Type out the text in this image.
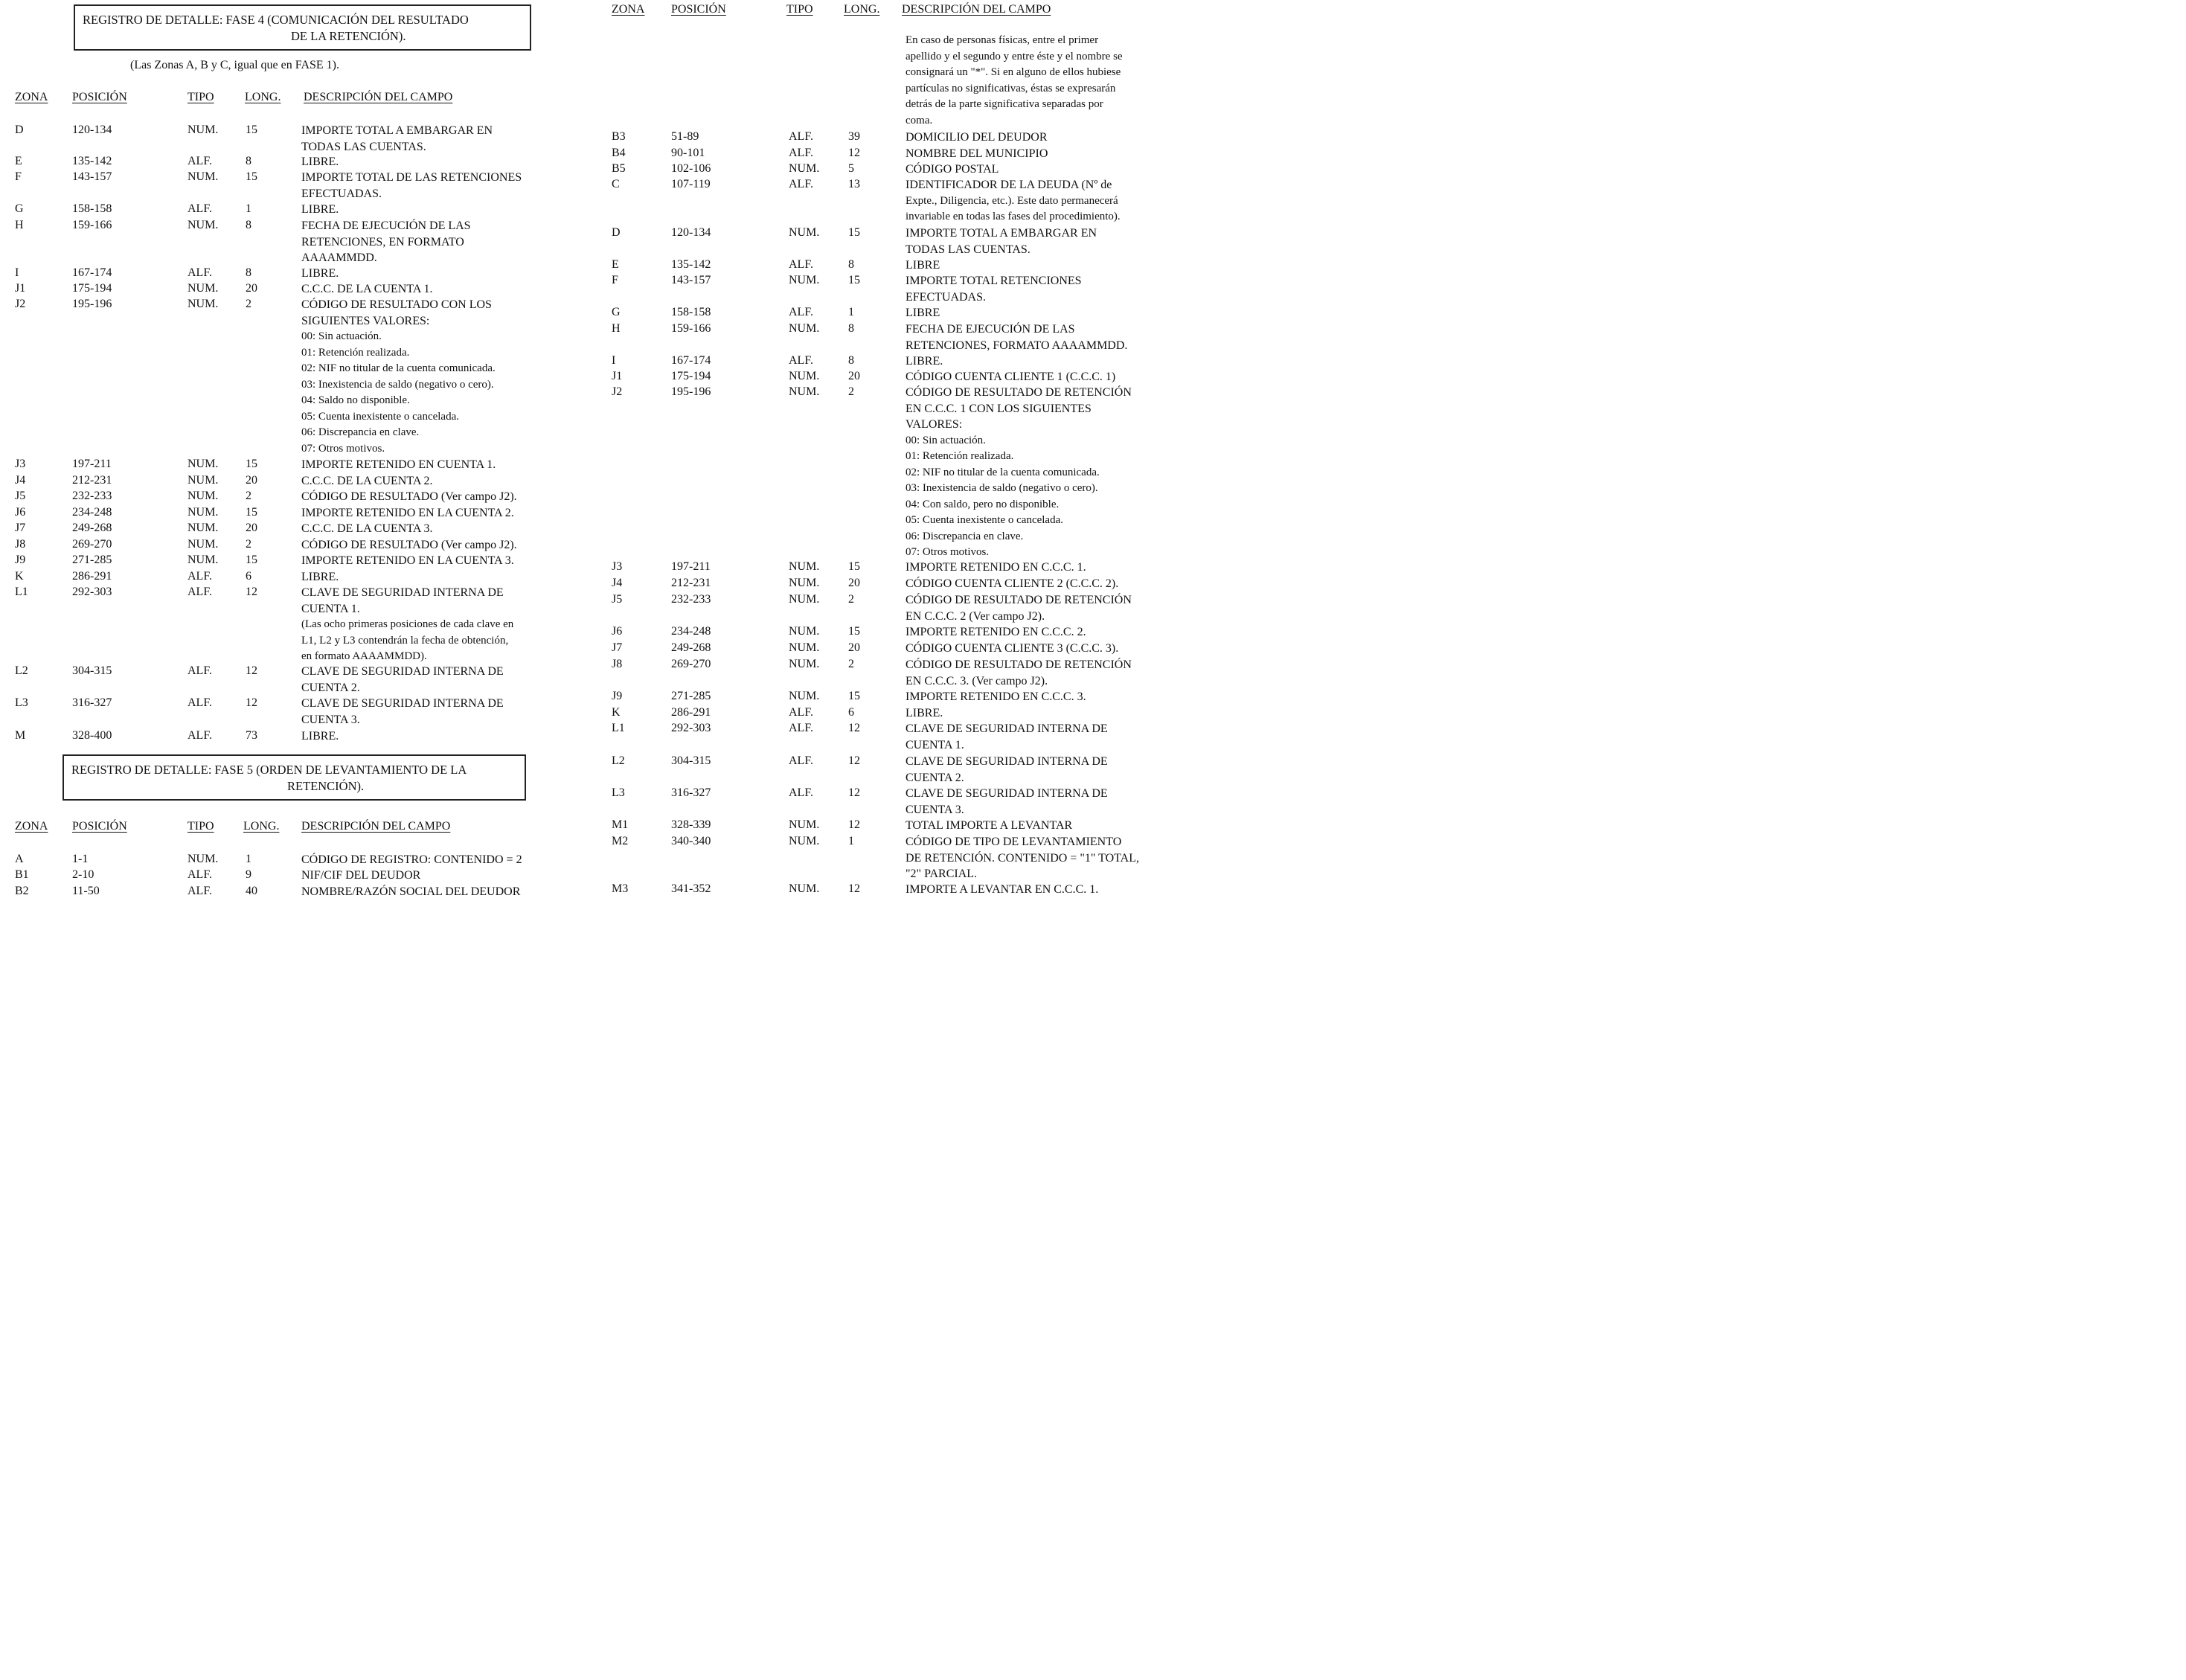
REGISTRO DE DETALLE: FASE 4 (COMUNICACIÓN DEL RESULTADO
DE LA RETENCIÓN).
(Las Zonas A, B y C, igual que en FASE 1).
ZONA POSICIÓN	TIPO	LONG. DESCRIPCIÓN DEL CAMPO
D	120-134	NUM. 15	IMPORTE TOTAL A EMBARGAR EN
TODAS LAS CUENTAS.
E	135-142	ALF.	8	LIBRE.
F	143-157	NUM. 15	IMPORTE TOTAL DE LAS RETENCIONES
EFECTUADAS.
G	158-158	ALF.	1	LIBRE.
H	159-166	NUM. 8	FECHA DE EJECUCIÓN DE LAS
RETENCIONES, EN FORMATO
AAAAMMDD.
I	167-174	ALF.	8	LIBRE.
J1	175-194	NUM. 20	C.C.C. DE LA CUENTA 1.
J2	195-196	NUM. 2	CÓDIGO DE RESULTADO CON LOS
SIGUIENTES VALORES:
00: Sin actuación.
01: Retención realizada.
02: NIF no titular de la cuenta comunicada.
03: Inexistencia de saldo (negativo o cero).
04: Saldo no disponible.
05: Cuenta inexistente o cancelada.
06: Discrepancia en clave.
07: Otros motivos.
J3	197-211	NUM. 15	IMPORTE RETENIDO EN CUENTA 1.
J4	212-231	NUM. 20	C.C.C. DE LA CUENTA 2.
J5	232-233	NUM. 2	CÓDIGO DE RESULTADO (Ver campo J2).
J6	234-248	NUM. 15	IMPORTE RETENIDO EN LA CUENTA 2.
J7	249-268	NUM. 20	C.C.C. DE LA CUENTA 3.
J8	269-270	NUM. 2	CÓDIGO DE RESULTADO (Ver campo J2).
J9	271-285	NUM. 15	IMPORTE RETENIDO EN LA CUENTA 3.
K	286-291	ALF.	6	LIBRE.
L1	292-303	ALF.	12	CLAVE DE SEGURIDAD INTERNA DE
CUENTA 1.
(Las ocho primeras posiciones de cada clave en
L1, L2 y L3 contendrán la fecha de obtención,
en formato AAAAMMDD).
L2	304-315	ALF.	12	CLAVE DE SEGURIDAD INTERNA DE
CUENTA 2.
L3	316-327	ALF.	12	CLAVE DE SEGURIDAD INTERNA DE
CUENTA 3.
M	328-400	ALF.	73	LIBRE.
REGISTRO DE DETALLE: FASE 5 (ORDEN DE LEVANTAMIENTO DE LA
RETENCIÓN).
ZONA POSICIÓN	TIPO LONG. DESCRIPCIÓN DEL CAMPO
A	1-1	NUM. 1	CÓDIGO DE REGISTRO: CONTENIDO = 2
B1	2-10	ALF.	9	NIF/CIF DEL DEUDOR
B2	11-50	ALF.	40	NOMBRE/RAZÓN SOCIAL DEL DEUDOR
ZONA POSICIÓN	TIPO	LONG. DESCRIPCIÓN DEL CAMPO
En caso de personas físicas, entre el primer
apellido y el segundo y entre éste y el nombre se
consignará un "*". Si en alguno de ellos hubiese
partículas no significativas, éstas se expresarán
detrás de la parte significativa separadas por
coma.
B3	51-89	ALF.	39	DOMICILIO DEL DEUDOR
B4	90-101	ALF.	12	NOMBRE DEL MUNICIPIO
B5	102-106	NUM. 5	CÓDIGO POSTAL
C	107-119	ALF.	13	IDENTIFICADOR DE LA DEUDA (Nº de
Expte., Diligencia, etc.). Este dato permanecerá
invariable en todas las fases del procedimiento).
D	120-134	NUM. 15	IMPORTE TOTAL A EMBARGAR EN
TODAS LAS CUENTAS.
E	135-142	ALF.	8	LIBRE
F	143-157	NUM. 15	IMPORTE TOTAL RETENCIONES
EFECTUADAS.
G	158-158	ALF.	1	LIBRE
H	159-166	NUM. 8	FECHA DE EJECUCIÓN DE LAS
RETENCIONES, FORMATO AAAAMMDD.
I	167-174	ALF.	8	LIBRE.
J1	175-194	NUM. 20	CÓDIGO CUENTA CLIENTE 1 (C.C.C. 1)
J2	195-196	NUM. 2	CÓDIGO DE RESULTADO DE RETENCIÓN
EN C.C.C. 1 CON LOS SIGUIENTES
VALORES:
00: Sin actuación.
01: Retención realizada.
02: NIF no titular de la cuenta comunicada.
03: Inexistencia de saldo (negativo o cero).
04: Con saldo, pero no disponible.
05: Cuenta inexistente o cancelada.
06: Discrepancia en clave.
07: Otros motivos.
J3	197-211	NUM. 15	IMPORTE RETENIDO EN C.C.C. 1.
J4	212-231	NUM. 20	CÓDIGO CUENTA CLIENTE 2 (C.C.C. 2).
J5	232-233	NUM. 2	CÓDIGO DE RESULTADO DE RETENCIÓN
EN C.C.C. 2 (Ver campo J2).
J6	234-248	NUM. 15	IMPORTE RETENIDO EN C.C.C. 2.
J7	249-268	NUM. 20	CÓDIGO CUENTA CLIENTE 3 (C.C.C. 3).
J8	269-270	NUM. 2	CÓDIGO DE RESULTADO DE RETENCIÓN
EN C.C.C. 3. (Ver campo J2).
J9	271-285	NUM. 15	IMPORTE RETENIDO EN C.C.C. 3.
K	286-291	ALF.	6	LIBRE.
L1	292-303	ALF.	12	CLAVE DE SEGURIDAD INTERNA DE
CUENTA 1.
L2	304-315	ALF.	12	CLAVE DE SEGURIDAD INTERNA DE
CUENTA 2.
L3	316-327	ALF.	12	CLAVE DE SEGURIDAD INTERNA DE
CUENTA 3.
M1	328-339	NUM. 12	TOTAL IMPORTE A LEVANTAR
M2	340-340	NUM. 1	CÓDIGO DE TIPO DE LEVANTAMIENTO
DE RETENCIÓN. CONTENIDO = "1" TOTAL,
"2" PARCIAL.
M3	341-352	NUM. 12	IMPORTE A LEVANTAR EN C.C.C. 1.
